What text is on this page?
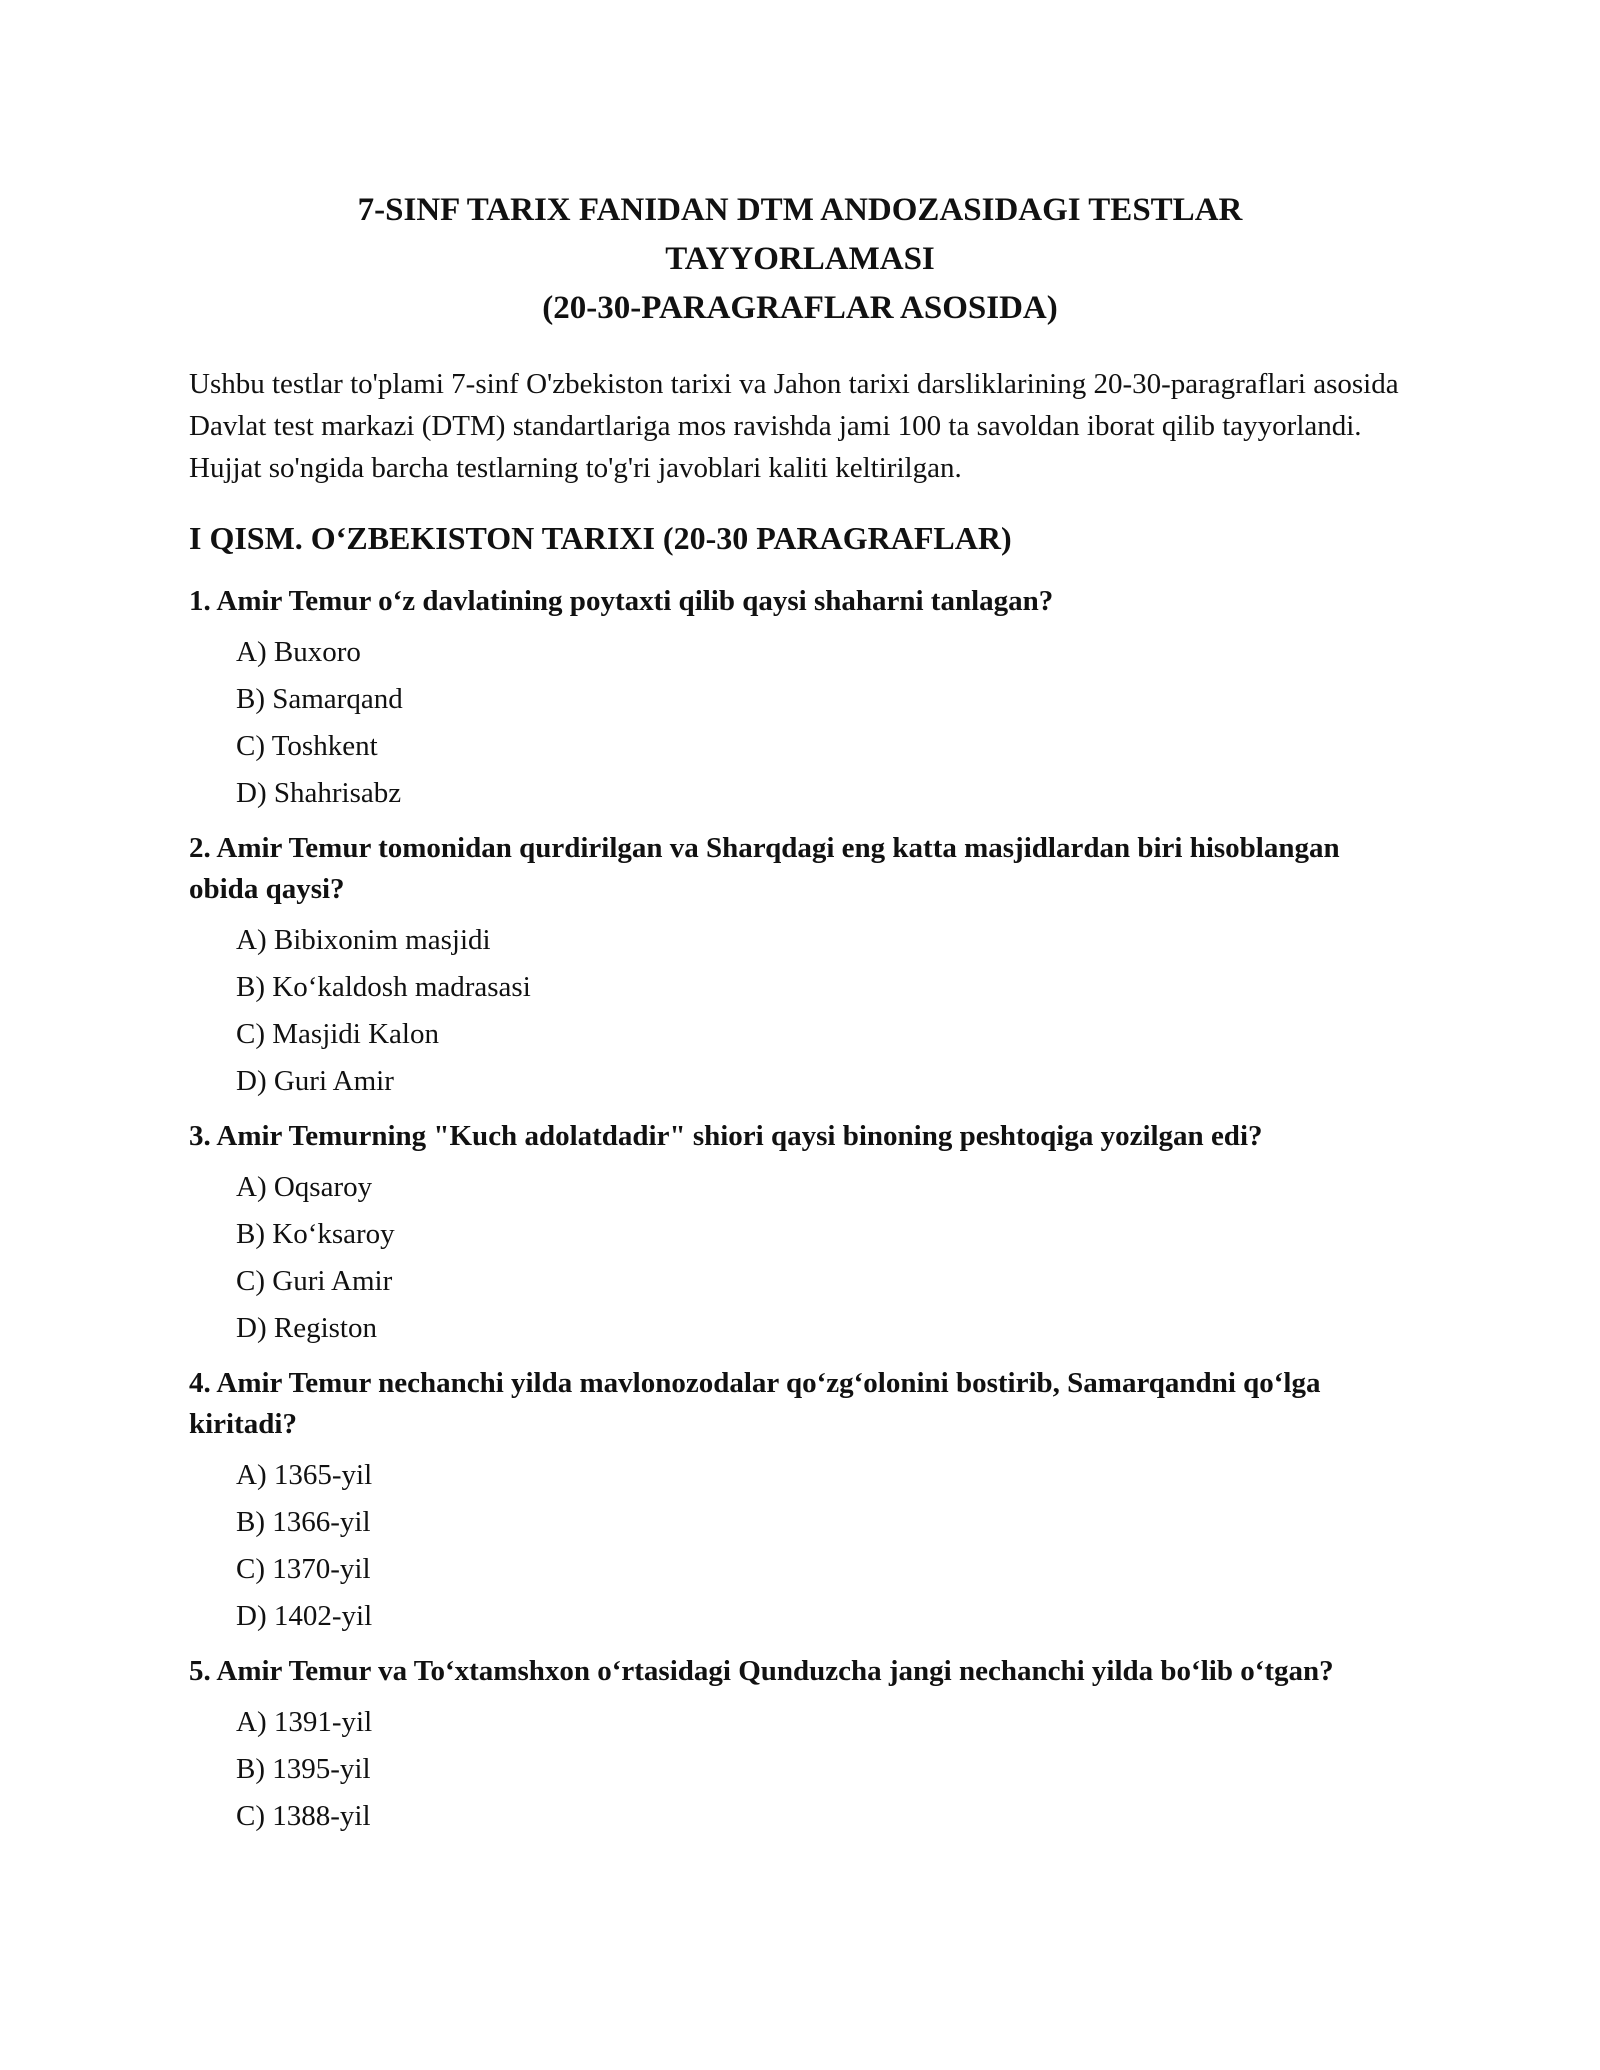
7-SINF TARIX FANIDAN DTM ANDOZASIDAGI TESTLAR
TAYYORLAMASI
(20-30-PARAGRAFLAR ASOSIDA)

Ushbu testlar to'plami 7-sinf O'zbekiston tarixi va Jahon tarixi darsliklarining 20-30-paragraflari asosida Davlat test markazi (DTM) standartlariga mos ravishda jami 100 ta savoldan iborat qilib tayyorlandi. Hujjat so'ngida barcha testlarning to'g'ri javoblari kaliti keltirilgan.

I QISM. O‘ZBEKISTON TARIXI (20-30 PARAGRAFLAR)

1. Amir Temur o‘z davlatining poytaxti qilib qaysi shaharni tanlagan?

A) Buxoro
B) Samarqand
C) Toshkent
D) Shahrisabz

2. Amir Temur tomonidan qurdirilgan va Sharqdagi eng katta masjidlardan biri hisoblangan obida qaysi?

A) Bibixonim masjidi
B) Ko‘kaldosh madrasasi
C) Masjidi Kalon
D) Guri Amir

3. Amir Temurning "Kuch adolatdadir" shiori qaysi binoning peshtoqiga yozilgan edi?

A) Oqsaroy
B) Ko‘ksaroy
C) Guri Amir
D) Registon

4. Amir Temur nechanchi yilda mavlonozodalar qo‘zg‘olonini bostirib, Samarqandni qo‘lga kiritadi?

A) 1365-yil
B) 1366-yil
C) 1370-yil
D) 1402-yil

5. Amir Temur va To‘xtamshxon o‘rtasidagi Qunduzcha jangi nechanchi yilda bo‘lib o‘tgan?

A) 1391-yil
B) 1395-yil
C) 1388-yil
